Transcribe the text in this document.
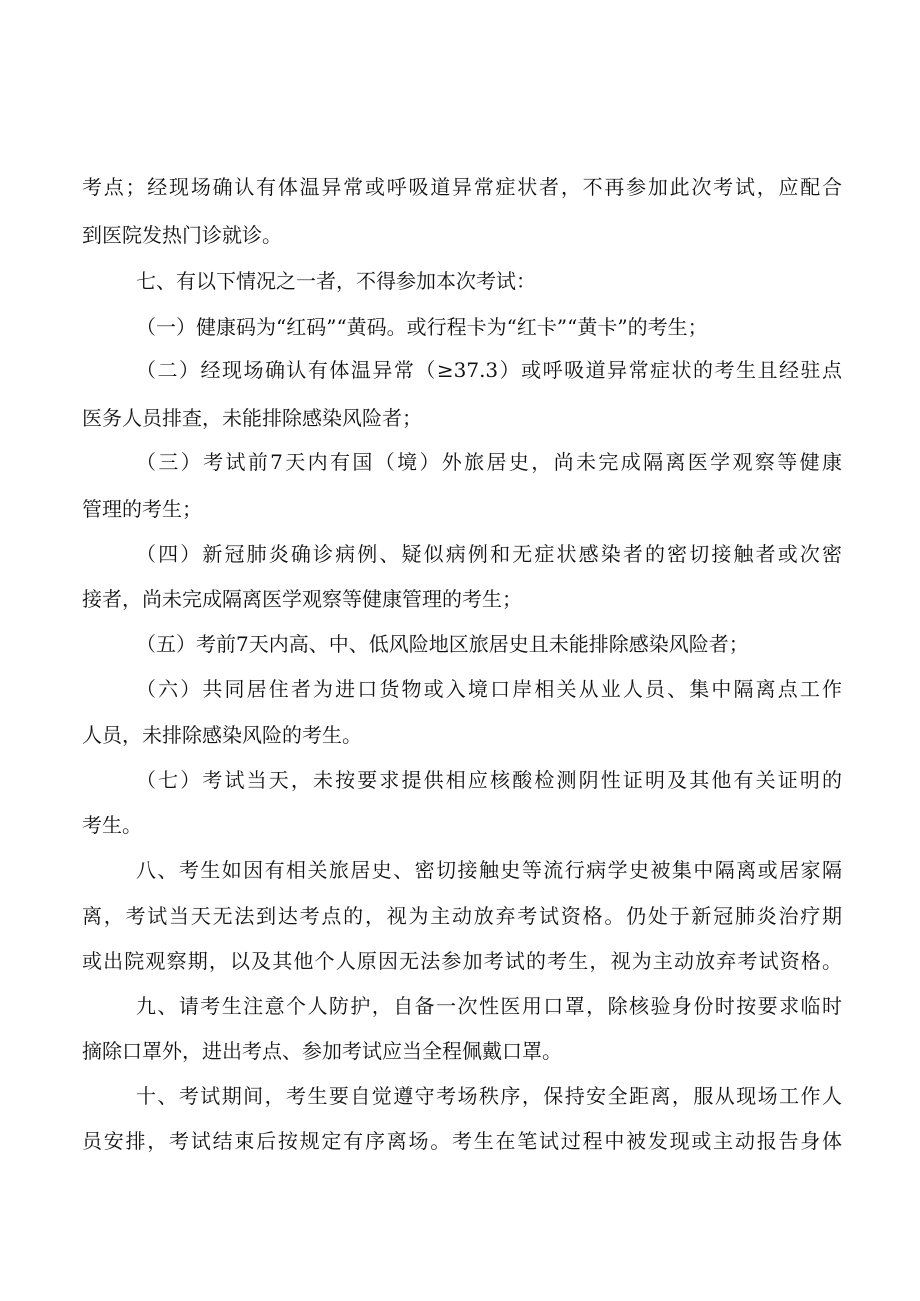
考点；经现场确认有体温异常或呼吸道异常症状者，不再参加此次考试，应配合
到医院发热门诊就诊。
七、有以下情况之一者，不得参加本次考试：
（一）健康码为“红码”“黄码。或行程卡为“红卡”“黄卡”的考生；
（二）经现场确认有体温异常（≥37.3）或呼吸道异常症状的考生且经驻点
医务人员排查，未能排除感染风险者；
（三）考试前7天内有国（境）外旅居史，尚未完成隔离医学观察等健康
管理的考生；
（四）新冠肺炎确诊病例、疑似病例和无症状感染者的密切接触者或次密
接者，尚未完成隔离医学观察等健康管理的考生；
（五）考前7天内高、中、低风险地区旅居史且未能排除感染风险者；
（六）共同居住者为进口货物或入境口岸相关从业人员、集中隔离点工作
人员，未排除感染风险的考生。
（七）考试当天，未按要求提供相应核酸检测阴性证明及其他有关证明的
考生。
八、考生如因有相关旅居史、密切接触史等流行病学史被集中隔离或居家隔
离，考试当天无法到达考点的，视为主动放弃考试资格。仍处于新冠肺炎治疗期
或出院观察期，以及其他个人原因无法参加考试的考生，视为主动放弃考试资格。
九、请考生注意个人防护，自备一次性医用口罩，除核验身份时按要求临时
摘除口罩外，进出考点、参加考试应当全程佩戴口罩。
十、考试期间，考生要自觉遵守考场秩序，保持安全距离，服从现场工作人
员安排，考试结束后按规定有序离场。考生在笔试过程中被发现或主动报告身体
